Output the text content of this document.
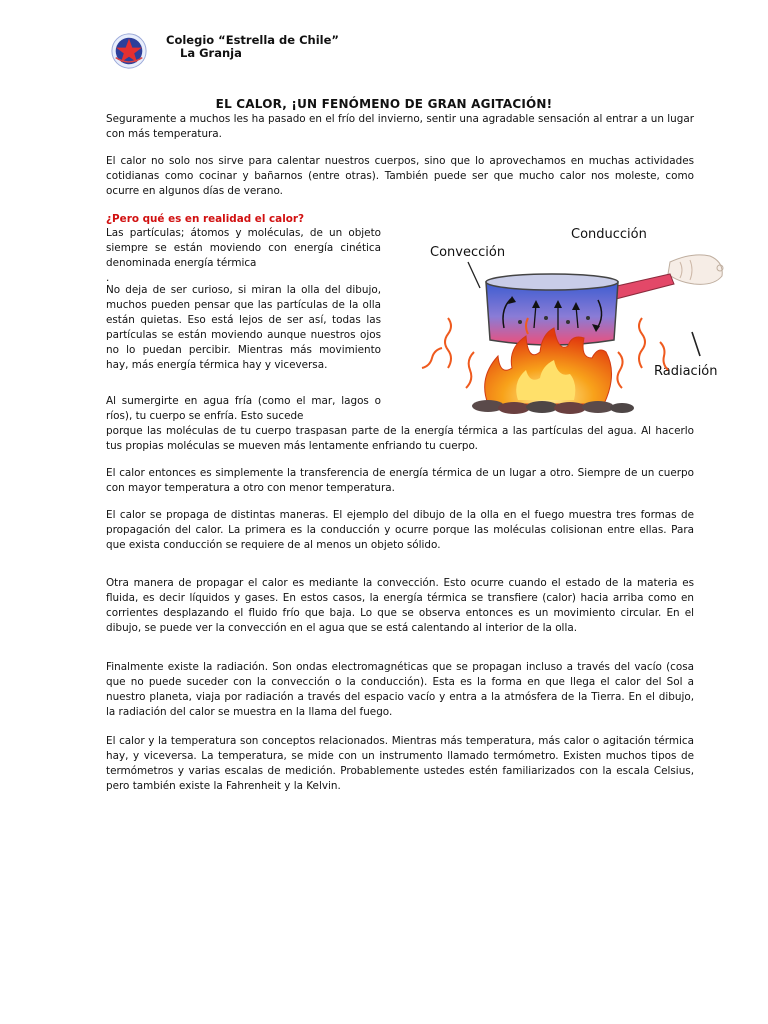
Colegio “Estrella de Chile”
La Granja
EL CALOR, ¡UN FENÓMENO DE GRAN AGITACIÓN!

Seguramente a muchos les ha pasado en el frío del invierno, sentir una agradable sensación al entrar a un lugar con más temperatura.

El calor no solo nos sirve para calentar nuestros cuerpos, sino que lo aprovechamos en muchas actividades cotidianas como cocinar y bañarnos (entre otras). También puede ser que mucho calor nos moleste, como ocurre en algunos días de verano.

¿Pero qué es en realidad el calor?

Las partículas; átomos y moléculas, de un objeto siempre se están moviendo con energía cinética denominada energía térmica

.

No deja de ser curioso, si miran la olla del dibujo, muchos pueden pensar que las partículas de la olla están quietas. Eso está lejos de ser así, todas las partículas se están moviendo aunque nuestros ojos no lo puedan percibir. Mientras más movimiento hay, más energía térmica hay y viceversa.

Al sumergirte en agua fría (como el mar, lagos o ríos), tu cuerpo se enfría. Esto sucede

porque las moléculas de tu cuerpo traspasan parte de la energía térmica a las partículas del agua. Al hacerlo tus propias moléculas se mueven más lentamente enfriando tu cuerpo.

El calor entonces es simplemente la transferencia de energía térmica de un lugar a otro. Siempre de un cuerpo con mayor temperatura a otro con menor temperatura.

El calor se propaga de distintas maneras. El ejemplo del dibujo de la olla en el fuego muestra tres formas de propagación del calor. La primera es la conducción y ocurre porque las moléculas colisionan entre ellas. Para que exista conducción se requiere de al menos un objeto sólido.

Otra manera de propagar el calor es mediante la convección. Esto ocurre cuando el estado de la materia es fluida, es decir líquidos y gases. En estos casos, la energía térmica se transfiere (calor) hacia arriba como en corrientes desplazando el fluido frío que baja. Lo que se observa entonces es un movimiento circular. En el dibujo, se puede ver la convección en el agua que se está calentando al interior de la olla.

Finalmente existe la radiación. Son ondas electromagnéticas que se propagan incluso a través del vacío (cosa que no puede suceder con la convección o la conducción). Esta es la forma en que llega el calor del Sol a nuestro planeta, viaja por radiación a través del espacio vacío y entra a la atmósfera de la Tierra. En el dibujo, la radiación del calor se muestra en la llama del fuego.

El calor y la temperatura son conceptos relacionados. Mientras más temperatura, más calor o agitación térmica hay, y viceversa. La temperatura, se mide con un instrumento llamado termómetro. Existen muchos tipos de termómetros y varias escalas de medición. Probablemente ustedes estén familiarizados con la escala Celsius, pero también existe la Fahrenheit y la Kelvin.

Convección
Conducción
Radiación
